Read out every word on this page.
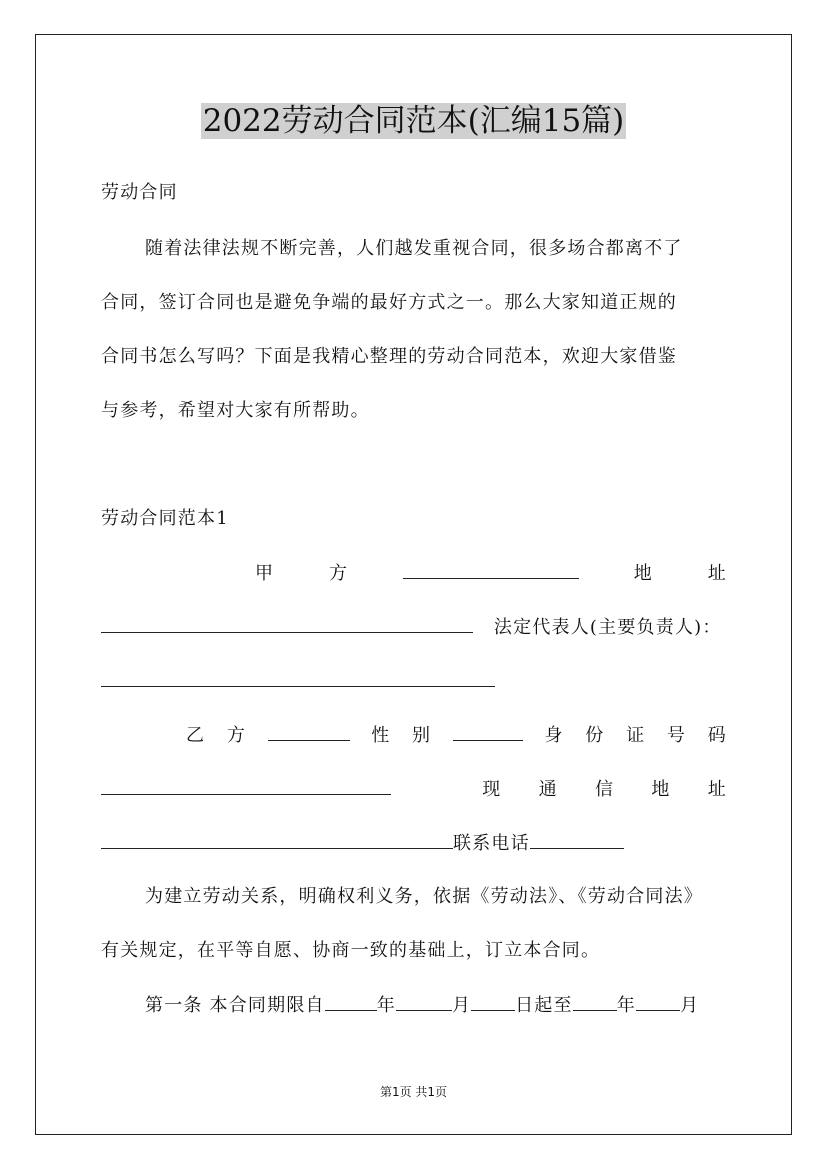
2022劳动合同范本(汇编15篇)
劳动合同
随着法律法规不断完善，人们越发重视合同，很多场合都离不了
合同，签订合同也是避免争端的最好方式之一。那么大家知道正规的
合同书怎么写吗？下面是我精心整理的劳动合同范本，欢迎大家借鉴
与参考，希望对大家有所帮助。
劳动合同范本1
甲	方	地	址
法定代表人(主要负责人)：
乙 方	性 别	身 份 证 号 码
现 通 信 地 址
联系电话
为建立劳动关系，明确权利义务，依据《劳动法》、《劳动合同法》
有关规定，在平等自愿、协商一致的基础上，订立本合同。
第一条 本合同期限自	年	月 日起至 年 月
第1页 共1页
